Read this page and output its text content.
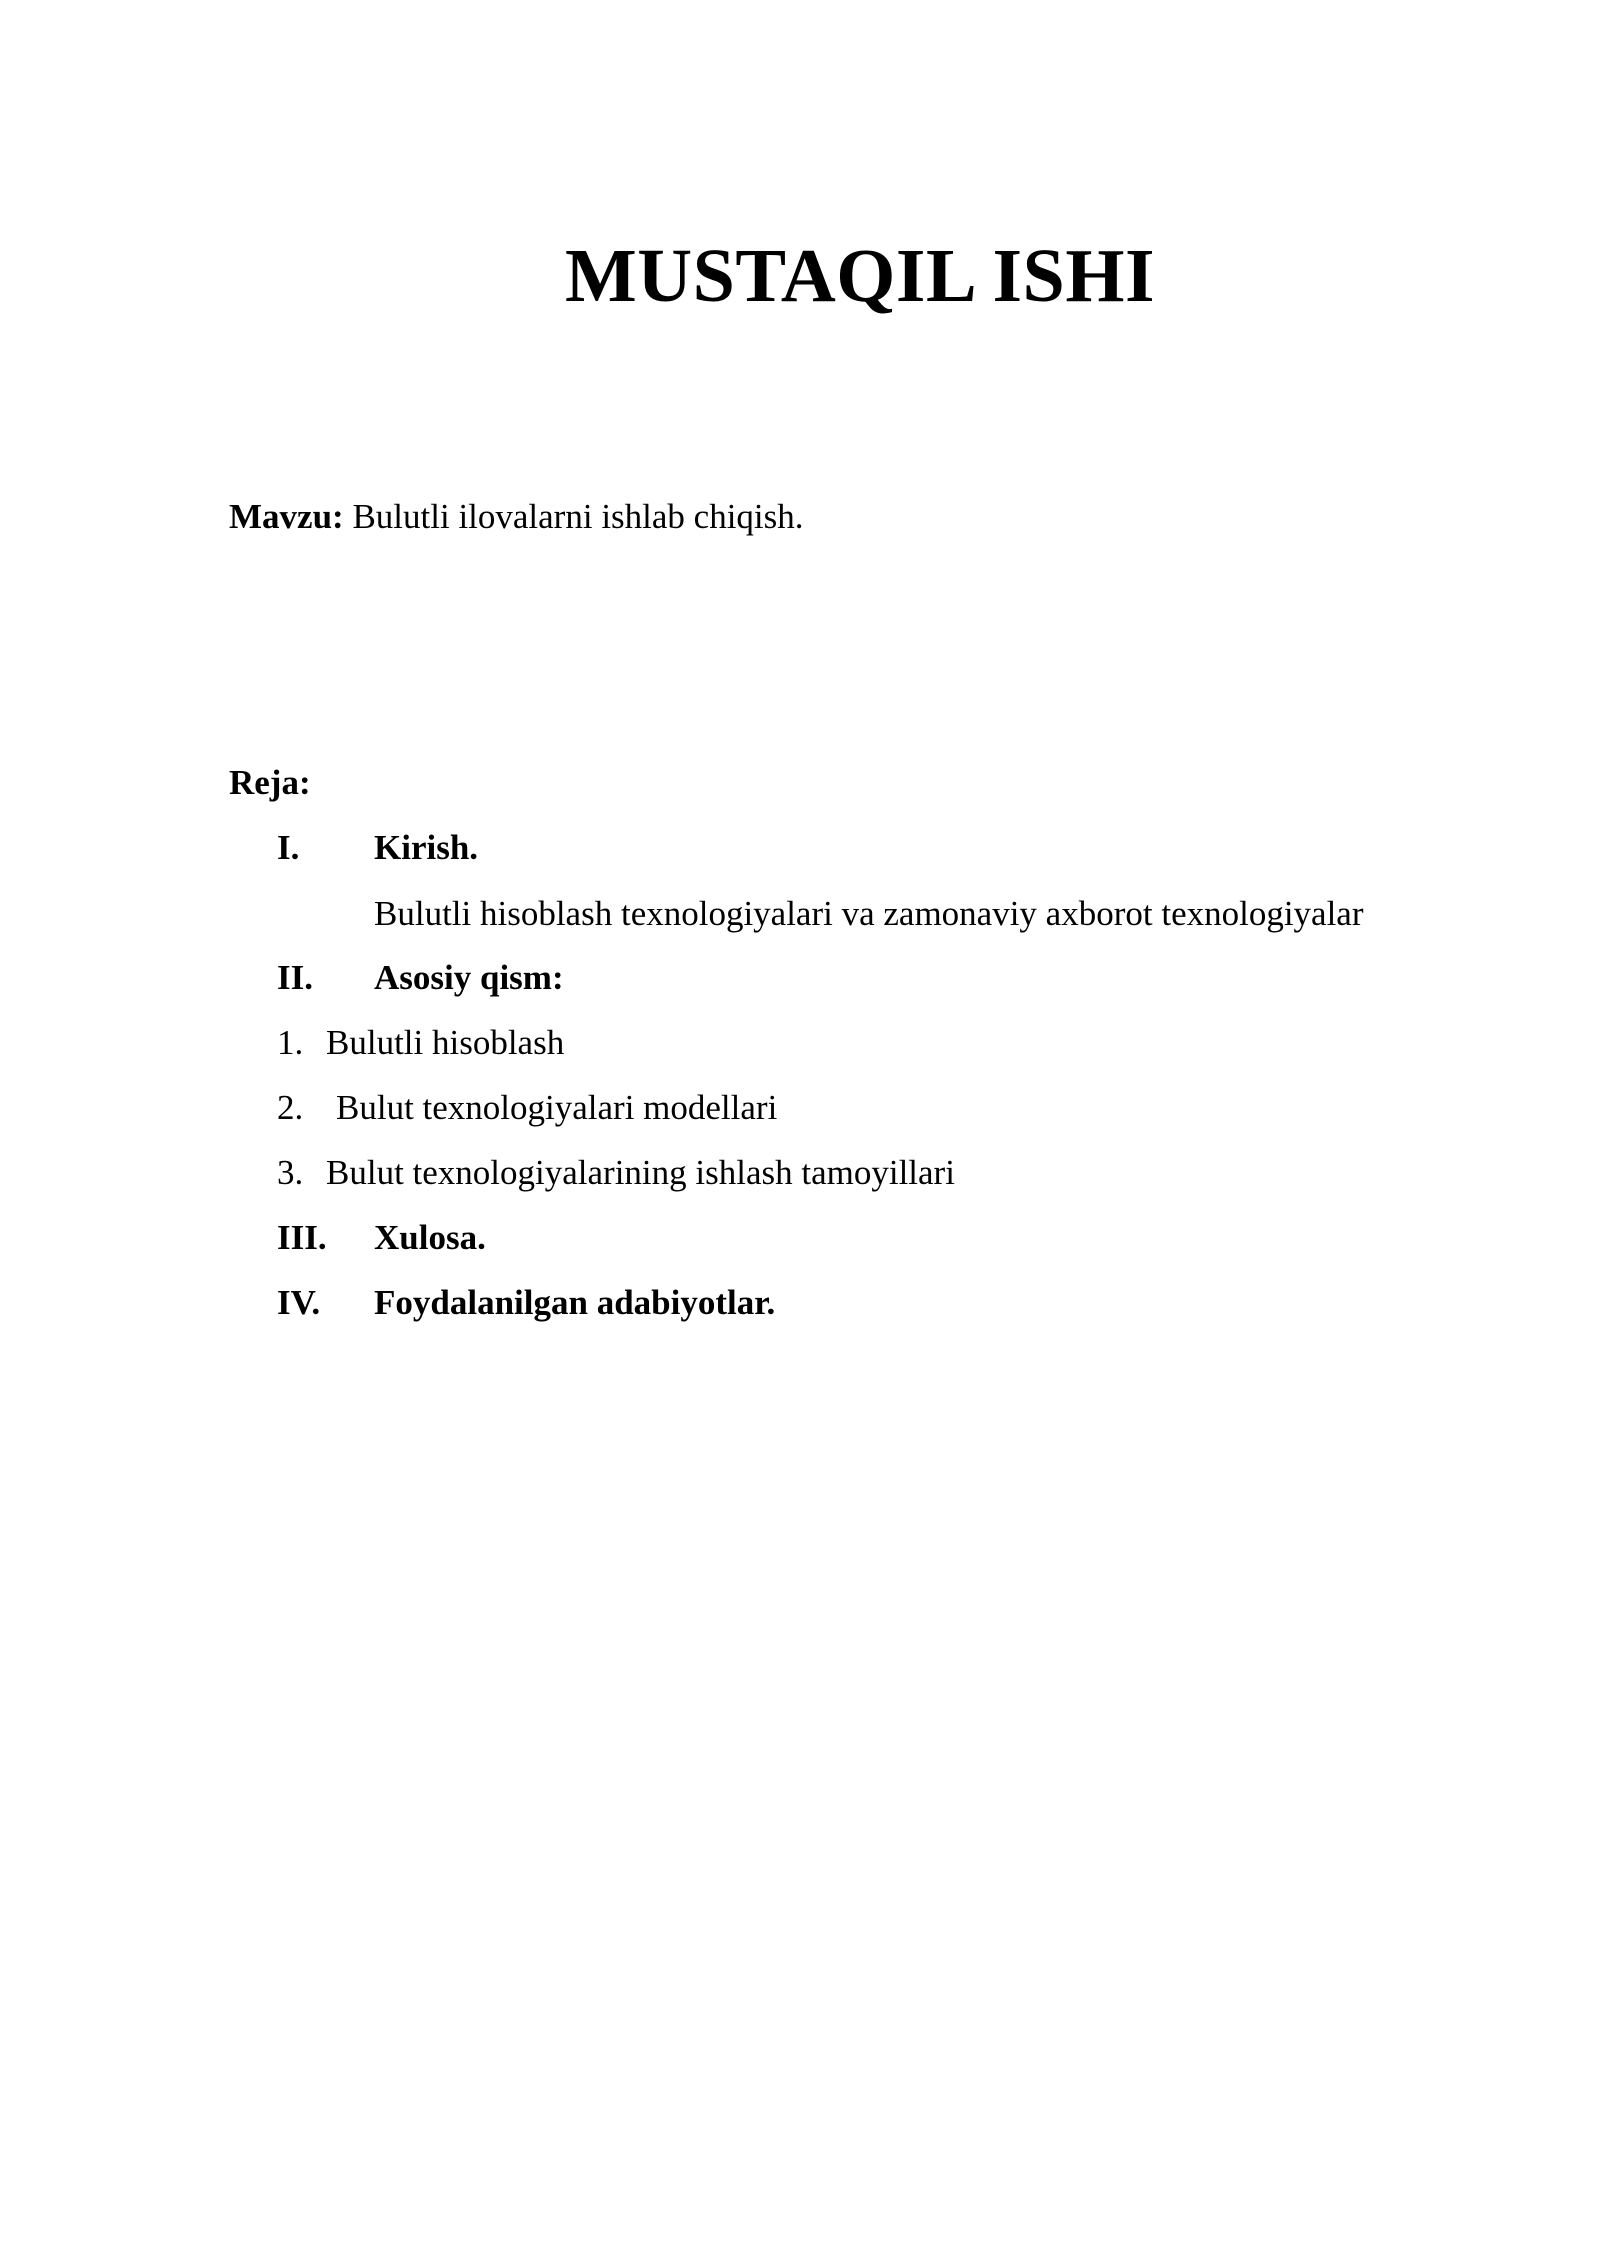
MUSTAQIL ISHI
Mavzu: Bulutli ilovalarni ishlab chiqish.
Reja:
I. Kirish.
Bulutli hisoblash texnologiyalari va zamonaviy axborot texnologiyalar
II. Asosiy qism:
1. Bulutli hisoblash
2. Bulut texnologiyalari modellari
3. Bulut texnologiyalarining ishlash tamoyillari
III. Xulosa.
IV. Foydalanilgan adabiyotlar.
